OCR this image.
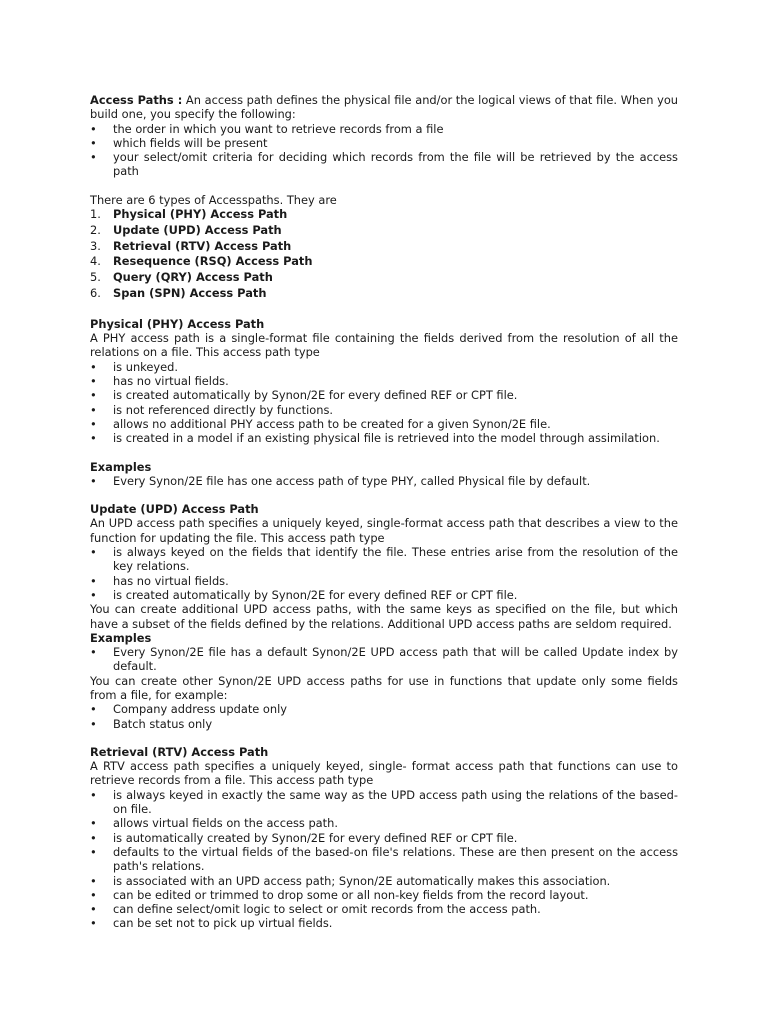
Access Paths : An access path defines the physical file and/or the logical views of that file. When you build one, you specify the following:

• the order in which you want to retrieve records from a file
• which fields will be present
• your select/omit criteria for deciding which records from the file will be retrieved by the access path

There are 6 types of Accesspaths. They are

1. Physical (PHY) Access Path
2. Update (UPD) Access Path
3. Retrieval (RTV) Access Path
4. Resequence (RSQ) Access Path
5. Query (QRY) Access Path
6. Span (SPN) Access Path

Physical (PHY) Access Path

A PHY access path is a single-format file containing the fields derived from the resolution of all the relations on a file. This access path type

• is unkeyed.
• has no virtual fields.
• is created automatically by Synon/2E for every defined REF or CPT file.
• is not referenced directly by functions.
• allows no additional PHY access path to be created for a given Synon/2E file.
• is created in a model if an existing physical file is retrieved into the model through assimilation.

Examples

• Every Synon/2E file has one access path of type PHY, called Physical file by default.

Update (UPD) Access Path

An UPD access path specifies a uniquely keyed, single-format access path that describes a view to the function for updating the file. This access path type

• is always keyed on the fields that identify the file. These entries arise from the resolution of the key relations.
• has no virtual fields.
• is created automatically by Synon/2E for every defined REF or CPT file.

You can create additional UPD access paths, with the same keys as specified on the file, but which have a subset of the fields defined by the relations. Additional UPD access paths are seldom required.

Examples

• Every Synon/2E file has a default Synon/2E UPD access path that will be called Update index by default.

You can create other Synon/2E UPD access paths for use in functions that update only some fields from a file, for example:

• Company address update only
• Batch status only

Retrieval (RTV) Access Path

A RTV access path specifies a uniquely keyed, single- format access path that functions can use to retrieve records from a file. This access path type

• is always keyed in exactly the same way as the UPD access path using the relations of the based-on file.
• allows virtual fields on the access path.
• is automatically created by Synon/2E for every defined REF or CPT file.
• defaults to the virtual fields of the based-on file's relations. These are then present on the access path's relations.
• is associated with an UPD access path; Synon/2E automatically makes this association.
• can be edited or trimmed to drop some or all non-key fields from the record layout.
• can define select/omit logic to select or omit records from the access path.
• can be set not to pick up virtual fields.
